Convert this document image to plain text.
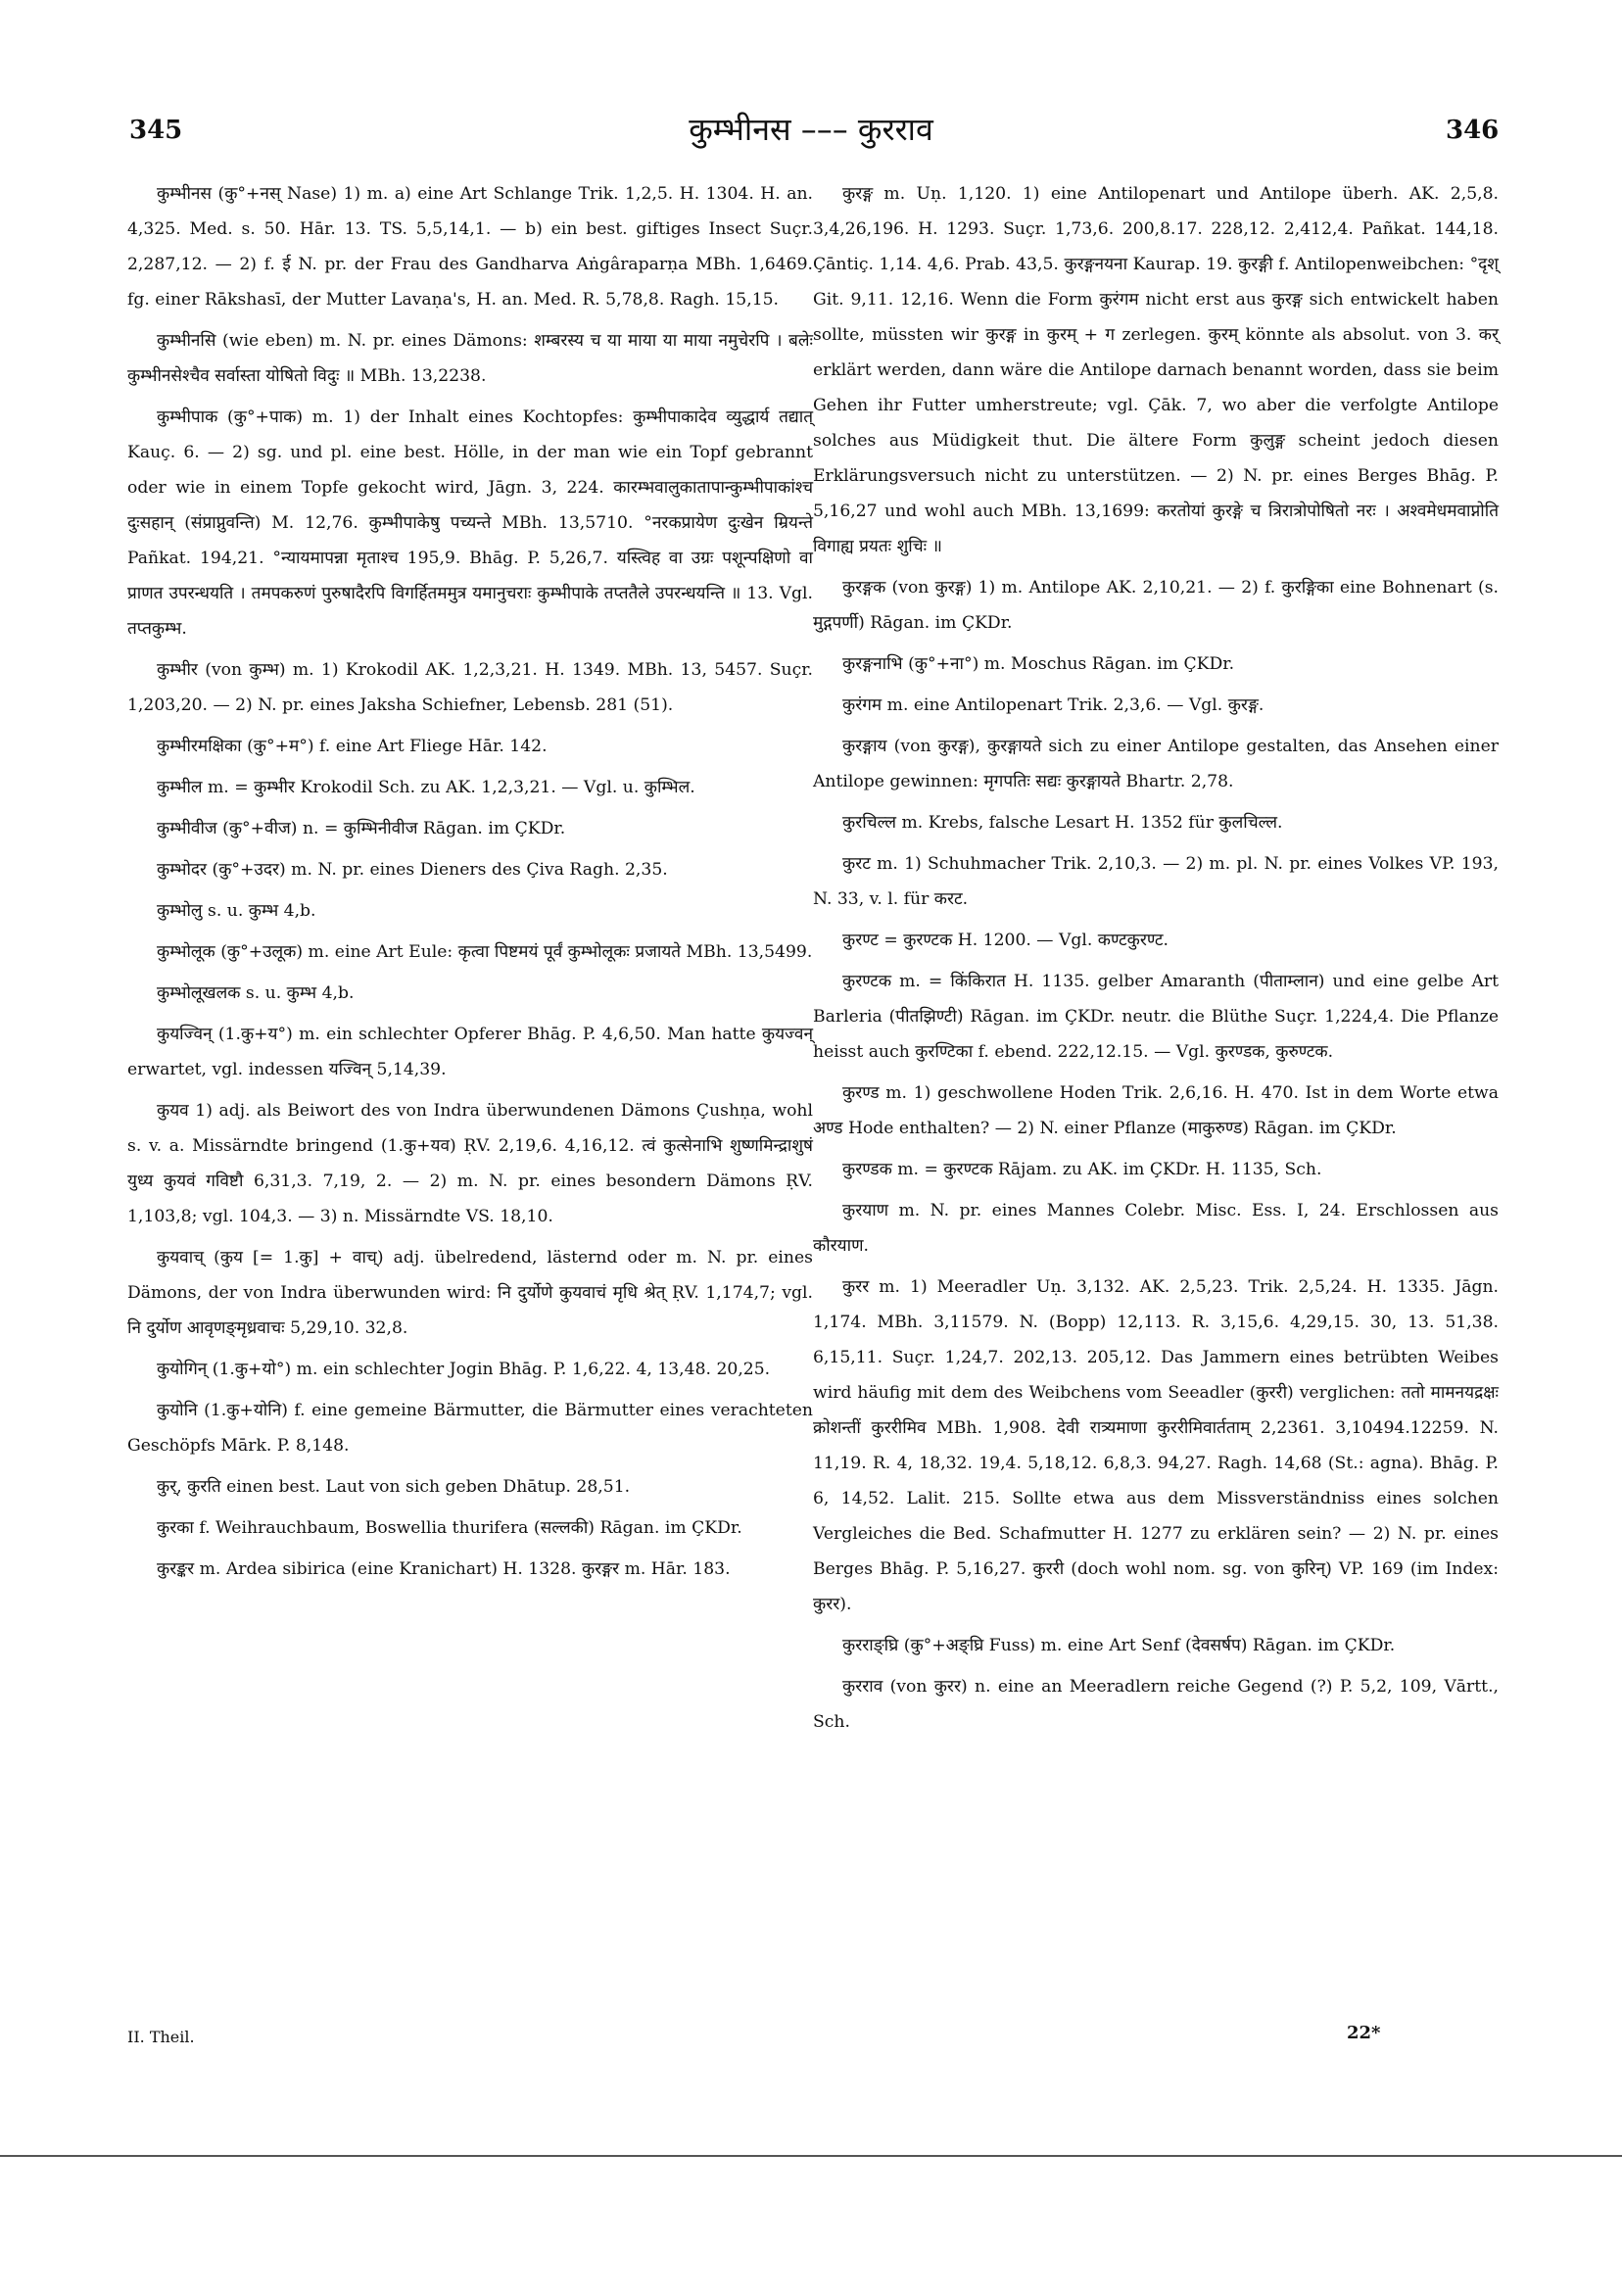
345	कुम्भीनस ––– कुरराव	346

कुम्भीनस (कु°+नस् Nase) 1) m. a) eine Art Schlange Trik. 1,2,5. H. 1304. H. an. 4,325. Med. s. 50. Hār. 13. TS. 5,5,14,1. — b) ein best. giftiges Insect Suçr. 2,287,12. — 2) f. ई N. pr. der Frau des Gandharva Aṅgâraparṇa MBh. 1,6469. fg. einer Rākshasī, der Mutter Lavaṇa's, H. an. Med. R. 5,78,8. Ragh. 15,15.

कुम्भीनसि (wie eben) m. N. pr. eines Dämons: शम्बरस्य च या माया या माया नमुचेरपि । बलेः कुम्भीनसेश्चैव सर्वास्ता योषितो विदुः ॥ MBh. 13,2238.

कुम्भीपाक (कु°+पाक) m. 1) der Inhalt eines Kochtopfes: कुम्भीपाकादेव व्युद्धार्य तद्यात् Kauç. 6. — 2) sg. und pl. eine best. Hölle, in der man wie ein Topf gebrannt oder wie in einem Topfe gekocht wird, Jāgn. 3, 224. कारम्भवालुकातापान्कुम्भीपाकांश्च दुःसहान् (संप्राप्नुवन्ति) M. 12,76. कुम्भीपाकेषु पच्यन्ते MBh. 13,5710. °नरकप्रायेण दुःखेन म्रियन्ते Pañkat. 194,21. °न्यायमापन्ना मृताश्च 195,9. Bhāg. P. 5,26,7. यस्त्विह वा उग्रः पशून्पक्षिणो वा प्राणत उपरन्धयति । तमपकरुणं पुरुषादैरपि विगर्हितममुत्र यमानुचराः कुम्भीपाके तप्ततैले उपरन्धयन्ति ॥ 13. Vgl. तप्तकुम्भ.

कुम्भीर (von कुम्भ) m. 1) Krokodil AK. 1,2,3,21. H. 1349. MBh. 13, 5457. Suçr. 1,203,20. — 2) N. pr. eines Jaksha Schiefner, Lebensb. 281 (51).

कुम्भीरमक्षिका (कु°+म°) f. eine Art Fliege Hār. 142.

कुम्भील m. = कुम्भीर Krokodil Sch. zu AK. 1,2,3,21. — Vgl. u. कुम्भिल.

कुम्भीवीज (कु°+वीज) n. = कुम्भिनीवीज Rāgan. im ÇKDr.

कुम्भोदर (कु°+उदर) m. N. pr. eines Dieners des Çiva Ragh. 2,35.

कुम्भोलु s. u. कुम्भ 4,b.

कुम्भोलूक (कु°+उलूक) m. eine Art Eule: कृत्वा पिष्टमयं पूर्वं कुम्भोलूकः प्रजायते MBh. 13,5499.

कुम्भोलूखलक s. u. कुम्भ 4,b.

कुयज्विन् (1.कु+य°) m. ein schlechter Opferer Bhāg. P. 4,6,50. Man hatte कुयज्वन् erwartet, vgl. indessen यज्विन् 5,14,39.

कुयव 1) adj. als Beiwort des von Indra überwundenen Dämons Çushṇa, wohl s. v. a. Missärndte bringend (1.कु+यव) ṚV. 2,19,6. 4,16,12. त्वं कुत्सेनाभि शुष्णमिन्द्राशुषं युध्य कुयवं गविष्टौ 6,31,3. 7,19, 2. — 2) m. N. pr. eines besondern Dämons ṚV. 1,103,8; vgl. 104,3. — 3) n. Missärndte VS. 18,10.

कुयवाच् (कुय [= 1.कु] + वाच्) adj. übelredend, lästernd oder m. N. pr. eines Dämons, der von Indra überwunden wird: नि दुर्योणे कुयवाचं मृधि श्रेत् ṚV. 1,174,7; vgl. नि दुर्योण आवृणङ्मृध्रवाचः 5,29,10. 32,8.

कुयोगिन् (1.कु+यो°) m. ein schlechter Jogin Bhāg. P. 1,6,22. 4, 13,48. 20,25.

कुयोनि (1.कु+योनि) f. eine gemeine Bärmutter, die Bärmutter eines verachteten Geschöpfs Mārk. P. 8,148.

कुर्, कुरति einen best. Laut von sich geben Dhātup. 28,51.

कुरका f. Weihrauchbaum, Boswellia thurifera (सल्लकी) Rāgan. im ÇKDr.

कुरङ्कर m. Ardea sibirica (eine Kranichart) H. 1328. कुरङ्गर m. Hār. 183.

कुरङ्ग m. Uṇ. 1,120. 1) eine Antilopenart und Antilope überh. AK. 2,5,8. 3,4,26,196. H. 1293. Suçr. 1,73,6. 200,8.17. 228,12. 2,412,4. Pañkat. 144,18. Çāntiç. 1,14. 4,6. Prab. 43,5. कुरङ्गनयना Kaurap. 19. कुरङ्गी f. Antilopenweibchen: °दृश् Git. 9,11. 12,16. Wenn die Form कुरंगम nicht erst aus कुरङ्ग sich entwickelt haben sollte, müssten wir कुरङ्ग in कुरम् + ग zerlegen. कुरम् könnte als absolut. von 3. कर् erklärt werden, dann wäre die Antilope darnach benannt worden, dass sie beim Gehen ihr Futter umherstreute; vgl. Çāk. 7, wo aber die verfolgte Antilope solches aus Müdigkeit thut. Die ältere Form कुलुङ्ग scheint jedoch diesen Erklärungsversuch nicht zu unterstützen. — 2) N. pr. eines Berges Bhāg. P. 5,16,27 und wohl auch MBh. 13,1699: करतोयां कुरङ्गे च त्रिरात्रोपोषितो नरः । अश्वमेधमवाप्नोति विगाह्य प्रयतः शुचिः ॥

कुरङ्गक (von कुरङ्ग) 1) m. Antilope AK. 2,10,21. — 2) f. कुरङ्गिका eine Bohnenart (s. मुद्गपर्णी) Rāgan. im ÇKDr.

कुरङ्गनाभि (कु°+ना°) m. Moschus Rāgan. im ÇKDr.

कुरंगम m. eine Antilopenart Trik. 2,3,6. — Vgl. कुरङ्ग.

कुरङ्गाय (von कुरङ्ग), कुरङ्गायते sich zu einer Antilope gestalten, das Ansehen einer Antilope gewinnen: मृगपतिः सद्यः कुरङ्गायते Bhartr. 2,78.

कुरचिल्ल m. Krebs, falsche Lesart H. 1352 für कुलचिल्ल.

कुरट m. 1) Schuhmacher Trik. 2,10,3. — 2) m. pl. N. pr. eines Volkes VP. 193, N. 33, v. l. für करट.

कुरण्ट = कुरण्टक H. 1200. — Vgl. कण्टकुरण्ट.

कुरण्टक m. = किंकिरात H. 1135. gelber Amaranth (पीताम्लान) und eine gelbe Art Barleria (पीतझिण्टी) Rāgan. im ÇKDr. neutr. die Blüthe Suçr. 1,224,4. Die Pflanze heisst auch कुरण्टिका f. ebend. 222,12.15. — Vgl. कुरण्डक, कुरुण्टक.

कुरण्ड m. 1) geschwollene Hoden Trik. 2,6,16. H. 470. Ist in dem Worte etwa अण्ड Hode enthalten? — 2) N. einer Pflanze (माकुरुण्ड) Rāgan. im ÇKDr.

कुरण्डक m. = कुरण्टक Rājam. zu AK. im ÇKDr. H. 1135, Sch.

कुरयाण m. N. pr. eines Mannes Colebr. Misc. Ess. I, 24. Erschlossen aus कौरयाण.

कुरर m. 1) Meeradler Uṇ. 3,132. AK. 2,5,23. Trik. 2,5,24. H. 1335. Jāgn. 1,174. MBh. 3,11579. N. (Bopp) 12,113. R. 3,15,6. 4,29,15. 30, 13. 51,38. 6,15,11. Suçr. 1,24,7. 202,13. 205,12. Das Jammern eines betrübten Weibes wird häufig mit dem des Weibchens vom Seeadler (कुररी) verglichen: ततो मामनयद्रक्षः क्रोशन्तीं कुररीमिव MBh. 1,908. देवी रात्र्यमाणा कुररीमिवार्तताम् 2,2361. 3,10494.12259. N. 11,19. R. 4, 18,32. 19,4. 5,18,12. 6,8,3. 94,27. Ragh. 14,68 (St.: agna). Bhāg. P. 6, 14,52. Lalit. 215. Sollte etwa aus dem Missverständniss eines solchen Vergleiches die Bed. Schafmutter H. 1277 zu erklären sein? — 2) N. pr. eines Berges Bhāg. P. 5,16,27. कुररी (doch wohl nom. sg. von कुरिन्) VP. 169 (im Index: कुरर).

कुरराङ्घ्रि (कु°+अङ्घ्रि Fuss) m. eine Art Senf (देवसर्षप) Rāgan. im ÇKDr.

कुरराव (von कुरर) n. eine an Meeradlern reiche Gegend (?) P. 5,2, 109, Vārtt., Sch.

II. Theil.	22*
